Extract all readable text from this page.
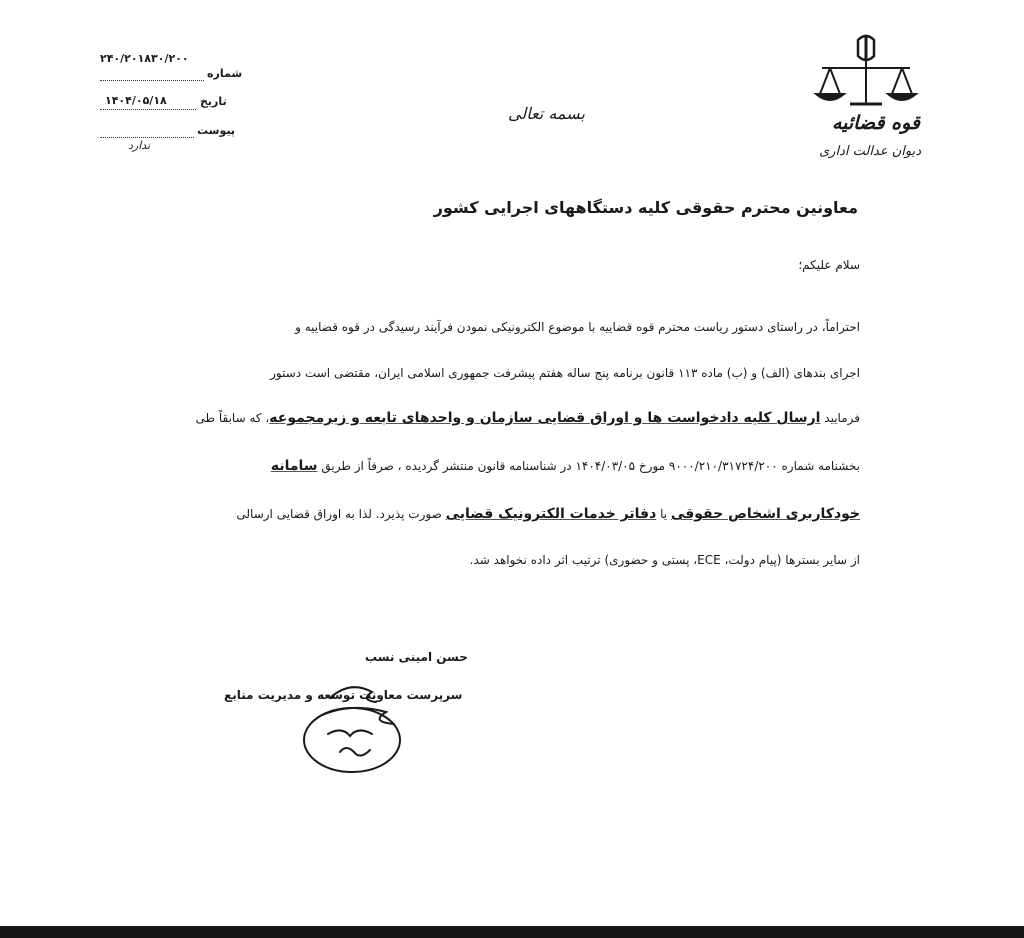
قوه قضائیه
دیوان عدالت اداری
۲۴۰/۲۰۱۸۳۰/۲۰۰
شماره
۱۴۰۴/۰۵/۱۸	تاریخ
پیوست
ندارد
بسمه تعالی
معاونین محترم حقوقی کلیه دستگاههای اجرایی کشور
سلام علیکم؛
احتراماً، در راستای دستور ریاست محترم قوه قضاییه با موضوع الکترونیکی نمودن فرآیند رسیدگی در قوه قضاییه و
اجرای بندهای (الف) و (ب) ماده ۱۱۳ قانون برنامه پنج ساله هفتم پیشرفت جمهوری اسلامی ایران، مقتضی است دستور
فرمایید ارسال کلیه دادخواست ها و اوراق قضایی سازمان و واحدهای تابعه و زیرمجموعه، که سابقاً طی
بخشنامه شماره ۹۰۰۰/۲۱۰/۳۱۷۲۴/۲۰۰ مورخ ۱۴۰۴/۰۳/۰۵ در شناسنامه قانون منتشر گردیده ، صرفاً از طریق سامانه
خودکاربری اشخاص حقوقی یا دفاتر خدمات الکترونیک قضایی صورت پذیرد. لذا به اوراق قضایی ارسالی
از سایر بسترها (پیام دولت، ECE، پستی و حضوری) ترتیب اثر داده نخواهد شد.
حسن امینی نسب
سرپرست معاونت توسعه و مدیریت منابع
